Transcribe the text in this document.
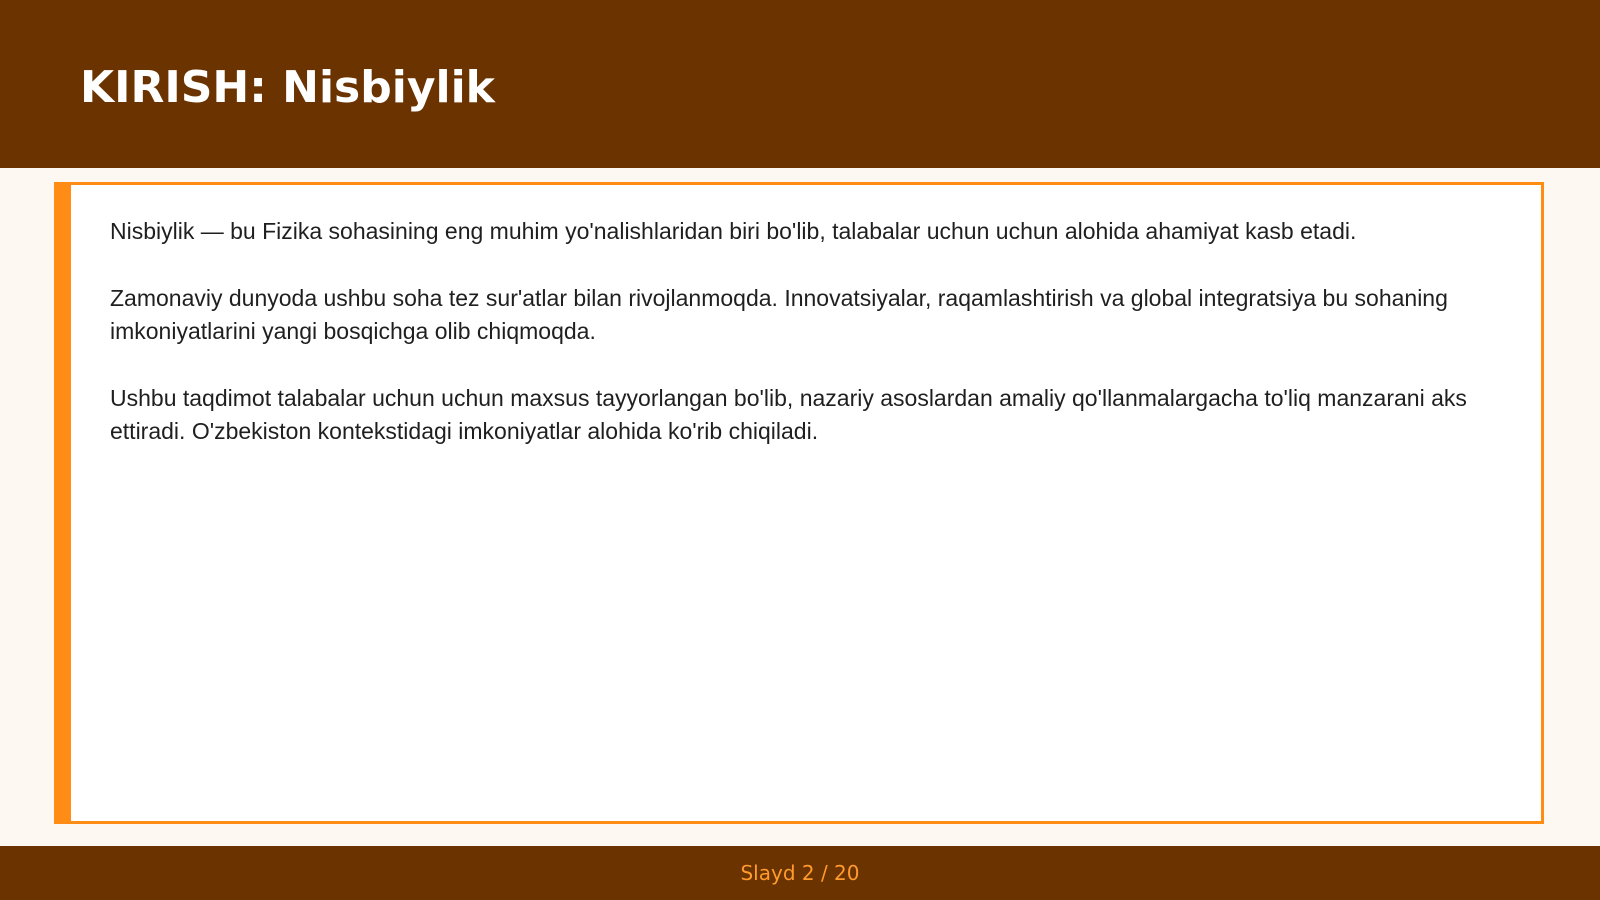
KIRISH: Nisbiylik

Nisbiylik — bu Fizika sohasining eng muhim yo'nalishlaridan biri bo'lib, talabalar uchun uchun alohida ahamiyat kasb etadi.

Zamonaviy dunyoda ushbu soha tez sur'atlar bilan rivojlanmoqda. Innovatsiyalar, raqamlashtirish va global integratsiya bu sohaning imkoniyatlarini yangi bosqichga olib chiqmoqda.

Ushbu taqdimot talabalar uchun uchun maxsus tayyorlangan bo'lib, nazariy asoslardan amaliy qo'llanmalargacha to'liq manzarani aks ettiradi. O'zbekiston kontekstidagi imkoniyatlar alohida ko'rib chiqiladi.

Slayd 2 / 20
